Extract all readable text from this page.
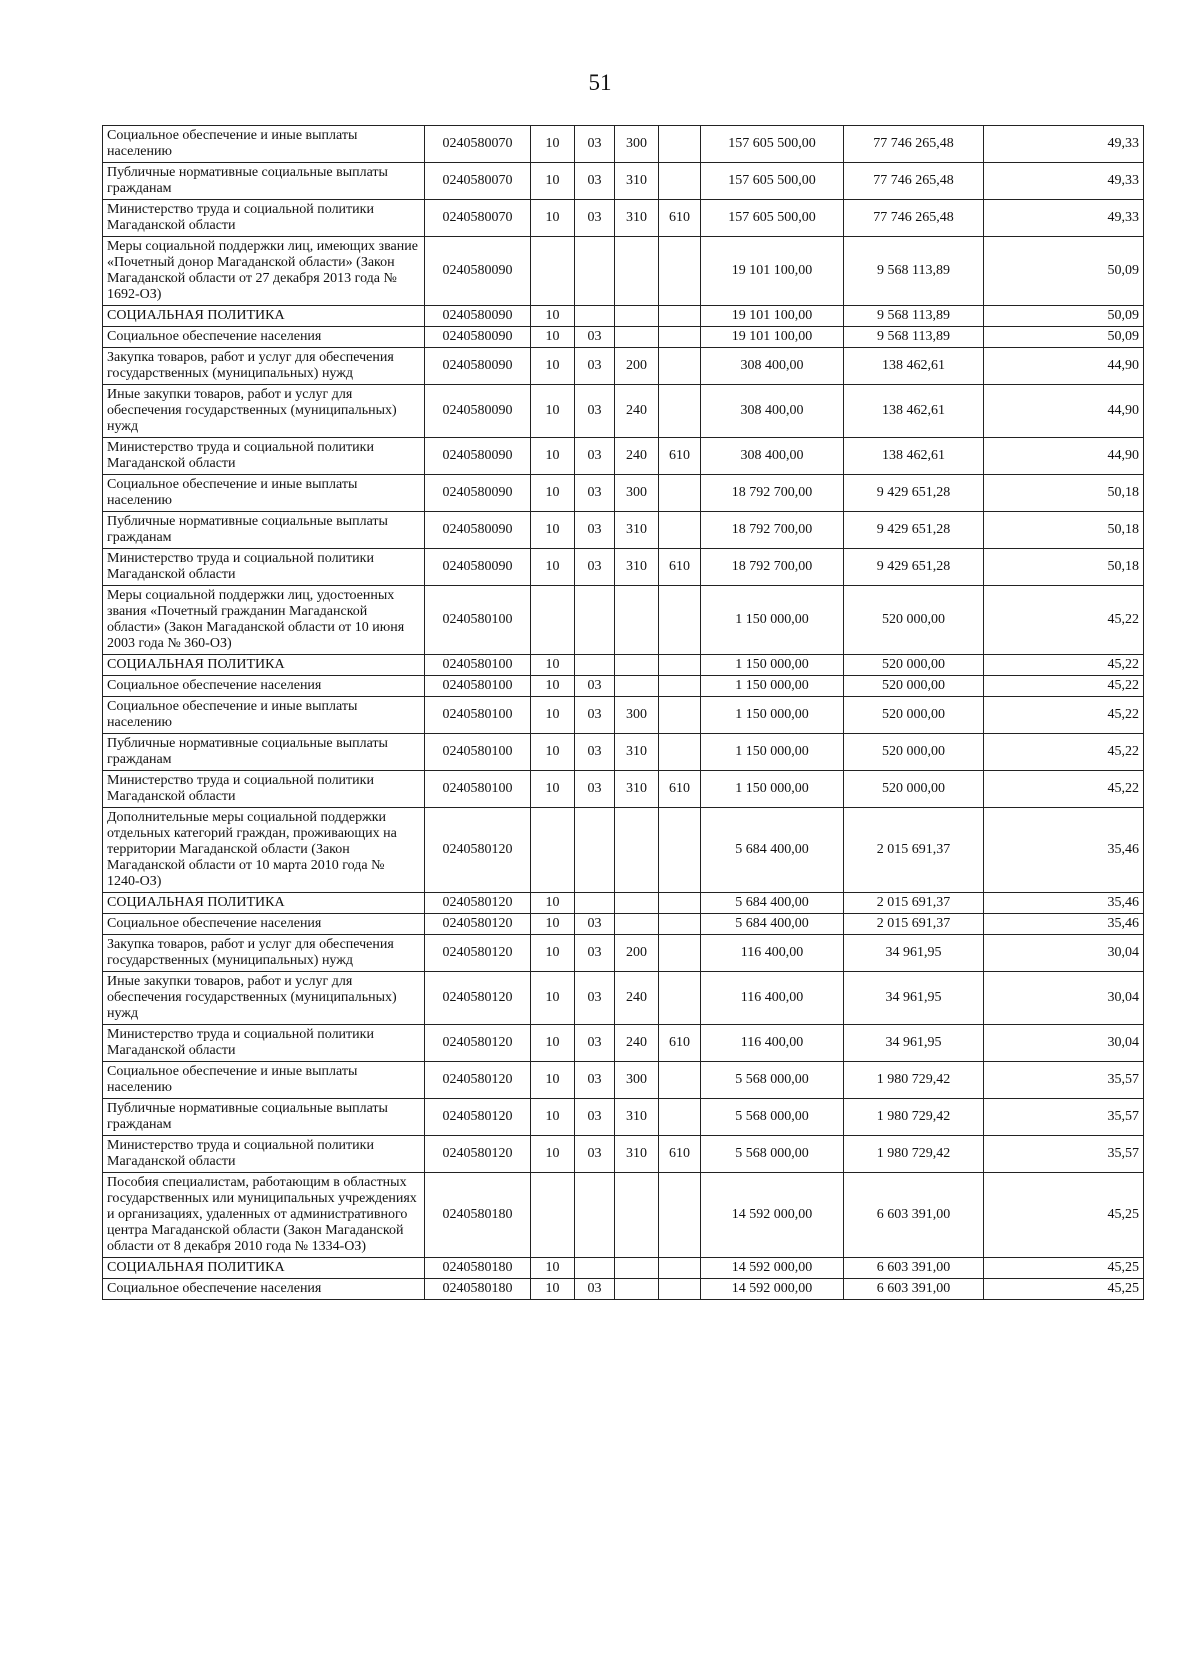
51
Социальное обеспечение и иные выплаты населению	0240580070	10	03	300		157 605 500,00	77 746 265,48	49,33
Публичные нормативные социальные выплаты гражданам	0240580070	10	03	310		157 605 500,00	77 746 265,48	49,33
Министерство труда и социальной политики Магаданской области	0240580070	10	03	310	610	157 605 500,00	77 746 265,48	49,33
Меры социальной поддержки лиц, имеющих звание «Почетный донор Магаданской области» (Закон Магаданской области от 27 декабря 2013 года № 1692-ОЗ)	0240580090					19 101 100,00	9 568 113,89	50,09
СОЦИАЛЬНАЯ ПОЛИТИКА	0240580090	10				19 101 100,00	9 568 113,89	50,09
Социальное обеспечение населения	0240580090	10	03			19 101 100,00	9 568 113,89	50,09
Закупка товаров, работ и услуг для обеспечения государственных (муниципальных) нужд	0240580090	10	03	200		308 400,00	138 462,61	44,90
Иные закупки товаров, работ и услуг для обеспечения государственных (муниципальных) нужд	0240580090	10	03	240		308 400,00	138 462,61	44,90
Министерство труда и социальной политики Магаданской области	0240580090	10	03	240	610	308 400,00	138 462,61	44,90
Социальное обеспечение и иные выплаты населению	0240580090	10	03	300		18 792 700,00	9 429 651,28	50,18
Публичные нормативные социальные выплаты гражданам	0240580090	10	03	310		18 792 700,00	9 429 651,28	50,18
Министерство труда и социальной политики Магаданской области	0240580090	10	03	310	610	18 792 700,00	9 429 651,28	50,18
Меры социальной поддержки лиц, удостоенных звания «Почетный гражданин Магаданской области» (Закон Магаданской области от 10 июня 2003 года № 360-ОЗ)	0240580100					1 150 000,00	520 000,00	45,22
СОЦИАЛЬНАЯ ПОЛИТИКА	0240580100	10				1 150 000,00	520 000,00	45,22
Социальное обеспечение населения	0240580100	10	03			1 150 000,00	520 000,00	45,22
Социальное обеспечение и иные выплаты населению	0240580100	10	03	300		1 150 000,00	520 000,00	45,22
Публичные нормативные социальные выплаты гражданам	0240580100	10	03	310		1 150 000,00	520 000,00	45,22
Министерство труда и социальной политики Магаданской области	0240580100	10	03	310	610	1 150 000,00	520 000,00	45,22
Дополнительные меры социальной поддержки отдельных категорий граждан, проживающих на территории Магаданской области (Закон Магаданской области от 10 марта 2010 года № 1240-ОЗ)	0240580120					5 684 400,00	2 015 691,37	35,46
СОЦИАЛЬНАЯ ПОЛИТИКА	0240580120	10				5 684 400,00	2 015 691,37	35,46
Социальное обеспечение населения	0240580120	10	03			5 684 400,00	2 015 691,37	35,46
Закупка товаров, работ и услуг для обеспечения государственных (муниципальных) нужд	0240580120	10	03	200		116 400,00	34 961,95	30,04
Иные закупки товаров, работ и услуг для обеспечения государственных (муниципальных) нужд	0240580120	10	03	240		116 400,00	34 961,95	30,04
Министерство труда и социальной политики Магаданской области	0240580120	10	03	240	610	116 400,00	34 961,95	30,04
Социальное обеспечение и иные выплаты населению	0240580120	10	03	300		5 568 000,00	1 980 729,42	35,57
Публичные нормативные социальные выплаты гражданам	0240580120	10	03	310		5 568 000,00	1 980 729,42	35,57
Министерство труда и социальной политики Магаданской области	0240580120	10	03	310	610	5 568 000,00	1 980 729,42	35,57
Пособия специалистам, работающим в областных государственных или муниципальных учреждениях и организациях, удаленных от административного центра Магаданской области (Закон Магаданской области от 8 декабря 2010 года № 1334-ОЗ)	0240580180					14 592 000,00	6 603 391,00	45,25
СОЦИАЛЬНАЯ ПОЛИТИКА	0240580180	10				14 592 000,00	6 603 391,00	45,25
Социальное обеспечение населения	0240580180	10	03			14 592 000,00	6 603 391,00	45,25
